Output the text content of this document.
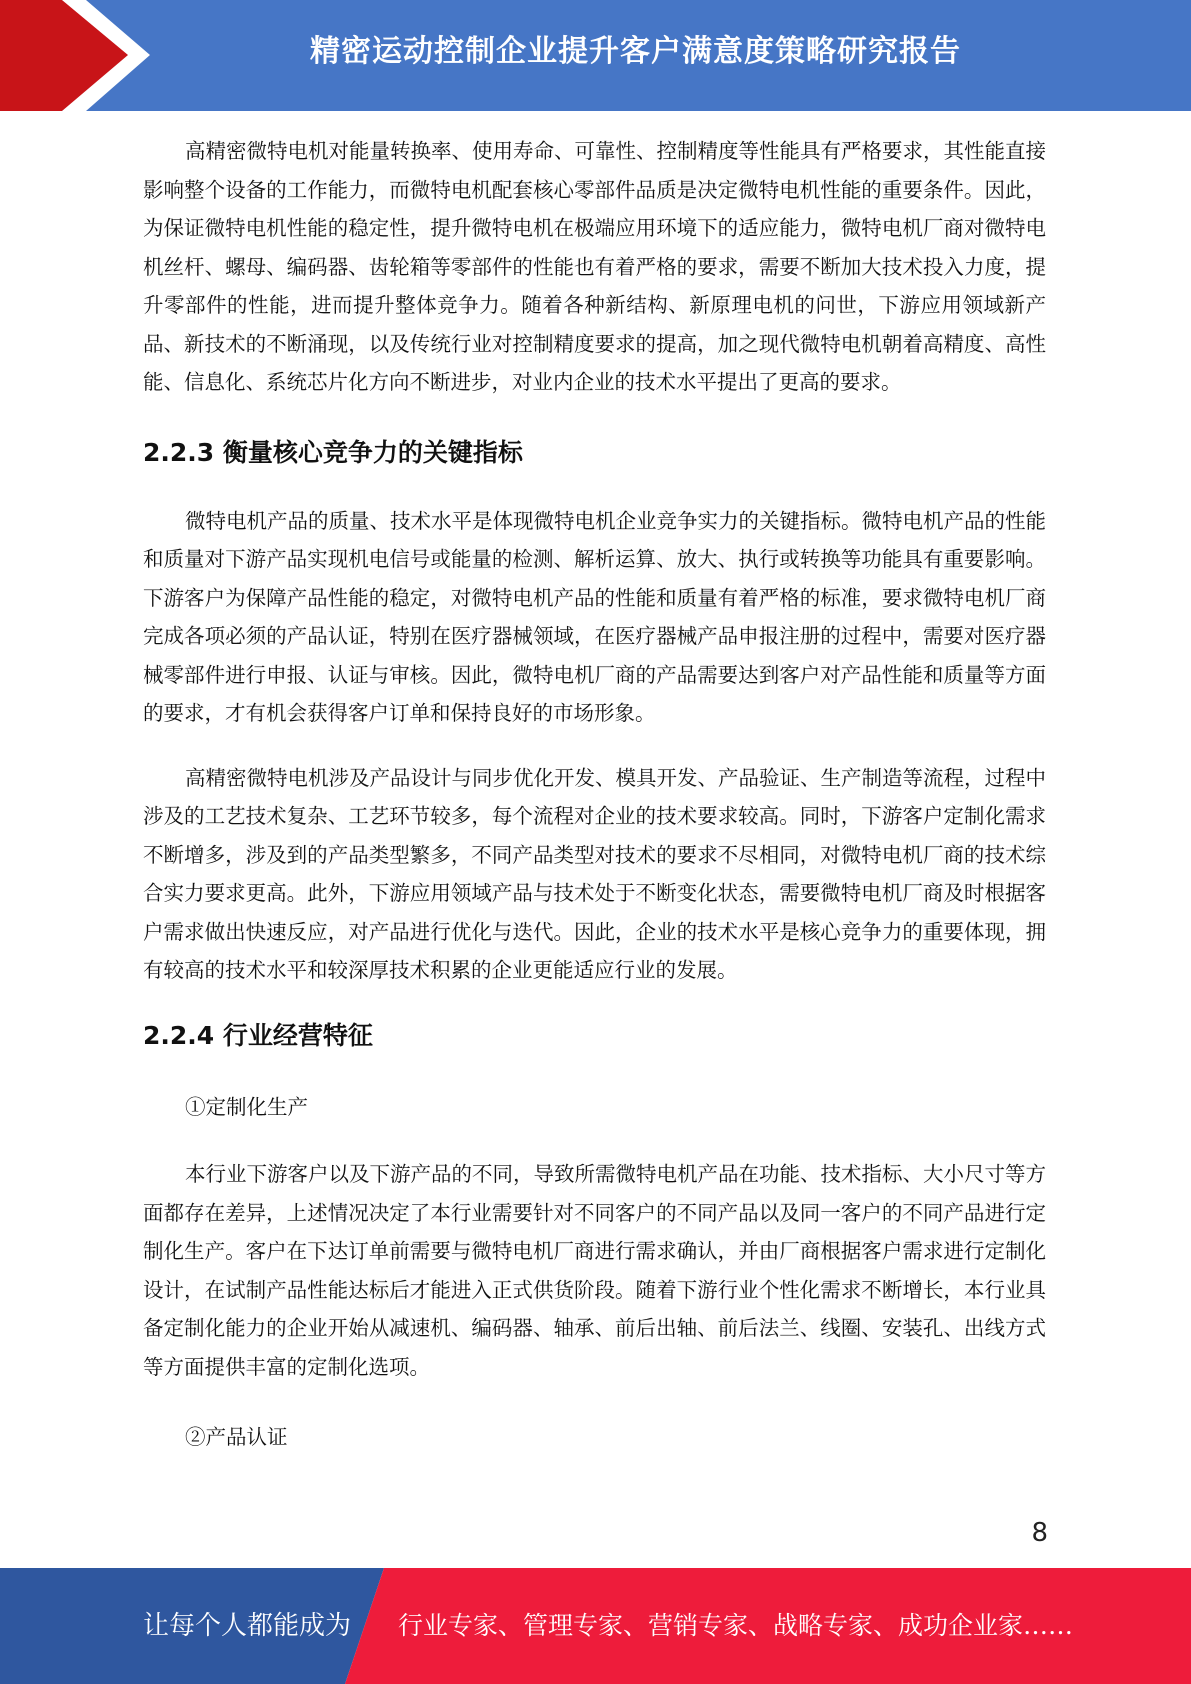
精密运动控制企业提升客户满意度策略研究报告

高精密微特电机对能量转换率、使用寿命、可靠性、控制精度等性能具有严格要求，其性能直接影响整个设备的工作能力，而微特电机配套核心零部件品质是决定微特电机性能的重要条件。因此，为保证微特电机性能的稳定性，提升微特电机在极端应用环境下的适应能力，微特电机厂商对微特电机丝杆、螺母、编码器、齿轮箱等零部件的性能也有着严格的要求，需要不断加大技术投入力度，提升零部件的性能，进而提升整体竞争力。随着各种新结构、新原理电机的问世，下游应用领域新产品、新技术的不断涌现，以及传统行业对控制精度要求的提高，加之现代微特电机朝着高精度、高性能、信息化、系统芯片化方向不断进步，对业内企业的技术水平提出了更高的要求。

2.2.3 衡量核心竞争力的关键指标

微特电机产品的质量、技术水平是体现微特电机企业竞争实力的关键指标。微特电机产品的性能和质量对下游产品实现机电信号或能量的检测、解析运算、放大、执行或转换等功能具有重要影响。下游客户为保障产品性能的稳定，对微特电机产品的性能和质量有着严格的标准，要求微特电机厂商完成各项必须的产品认证，特别在医疗器械领域，在医疗器械产品申报注册的过程中，需要对医疗器械零部件进行申报、认证与审核。因此，微特电机厂商的产品需要达到客户对产品性能和质量等方面的要求，才有机会获得客户订单和保持良好的市场形象。

高精密微特电机涉及产品设计与同步优化开发、模具开发、产品验证、生产制造等流程，过程中涉及的工艺技术复杂、工艺环节较多，每个流程对企业的技术要求较高。同时，下游客户定制化需求不断增多，涉及到的产品类型繁多，不同产品类型对技术的要求不尽相同，对微特电机厂商的技术综合实力要求更高。此外，下游应用领域产品与技术处于不断变化状态，需要微特电机厂商及时根据客户需求做出快速反应，对产品进行优化与迭代。因此，企业的技术水平是核心竞争力的重要体现，拥有较高的技术水平和较深厚技术积累的企业更能适应行业的发展。

2.2.4 行业经营特征

①定制化生产

本行业下游客户以及下游产品的不同，导致所需微特电机产品在功能、技术指标、大小尺寸等方面都存在差异，上述情况决定了本行业需要针对不同客户的不同产品以及同一客户的不同产品进行定制化生产。客户在下达订单前需要与微特电机厂商进行需求确认，并由厂商根据客户需求进行定制化设计，在试制产品性能达标后才能进入正式供货阶段。随着下游行业个性化需求不断增长，本行业具备定制化能力的企业开始从减速机、编码器、轴承、前后出轴、前后法兰、线圈、安装孔、出线方式等方面提供丰富的定制化选项。

②产品认证

8
让每个人都能成为 行业专家、管理专家、营销专家、战略专家、成功企业家……
